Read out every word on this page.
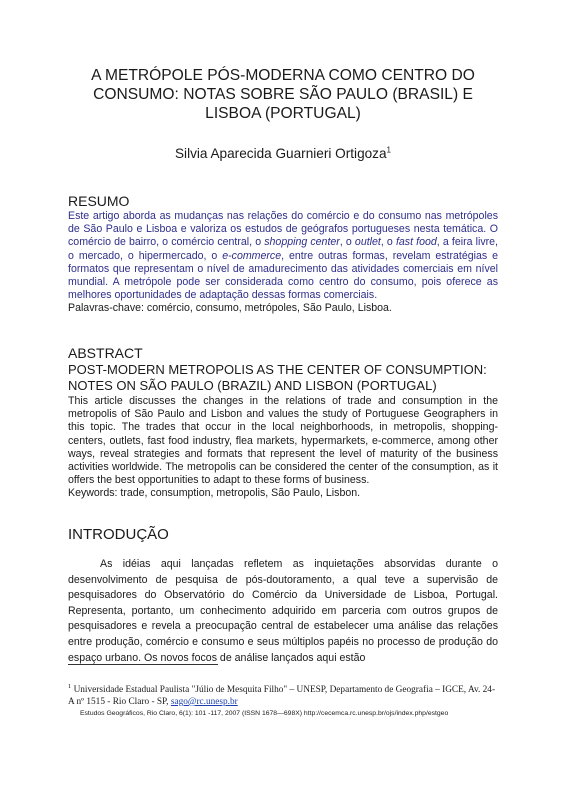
A METRÓPOLE PÓS-MODERNA COMO CENTRO DO
CONSUMO: NOTAS SOBRE SÃO PAULO (BRASIL) E
LISBOA (PORTUGAL)
Silvia Aparecida Guarnieri Ortigoza$^1$
RESUMO

Este artigo aborda as mudanças nas relações do comércio e do consumo nas metrópoles de São Paulo e Lisboa e valoriza os estudos de geógrafos portugueses nesta temática. O comércio de bairro, o comércio central, o shopping center, o outlet, o fast food, a feira livre, o mercado, o hipermercado, o e-commerce, entre outras formas, revelam estratégias e formatos que representam o nível de amadurecimento das atividades comerciais em nível mundial. A metrópole pode ser considerada como centro do consumo, pois oferece as melhores oportunidades de adaptação dessas formas comerciais.

Palavras-chave: comércio, consumo, metrópoles, São Paulo, Lisboa.

ABSTRACT

POST-MODERN METROPOLIS AS THE CENTER OF CONSUMPTION: NOTES ON SÃO PAULO (BRAZIL) AND LISBON (PORTUGAL)

This article discusses the changes in the relations of trade and consumption in the metropolis of São Paulo and Lisbon and values the study of Portuguese Geographers in this topic. The trades that occur in the local neighborhoods, in metropolis, shopping-centers, outlets, fast food industry, flea markets, hypermarkets, e-commerce, among other ways, reveal strategies and formats that represent the level of maturity of the business activities worldwide. The metropolis can be considered the center of the consumption, as it offers the best opportunities to adapt to these forms of business.

Keywords: trade, consumption, metropolis, São Paulo, Lisbon.

INTRODUÇÃO

As idéias aqui lançadas refletem as inquietações absorvidas durante o desenvolvimento de pesquisa de pós-doutoramento, a qual teve a supervisão de pesquisadores do Observatório do Comércio da Universidade de Lisboa, Portugal. Representa, portanto, um conhecimento adquirido em parceria com outros grupos de pesquisadores e revela a preocupação central de estabelecer uma análise das relações entre produção, comércio e consumo e seus múltiplos papéis no processo de produção do espaço urbano. Os novos focos de análise lançados aqui estão

$^1$ Universidade Estadual Paulista "Júlio de Mesquita Filho" – UNESP, Departamento de Geografia – IGCE, Av. 24-A nº 1515 - Rio Claro - SP, sago@rc.unesp.br
Estudos Geográficos, Rio Claro, 6(1): 101 -117, 2007 (ISSN 1678—698X) http://cecemca.rc.unesp.br/ojs/index.php/estgeo
